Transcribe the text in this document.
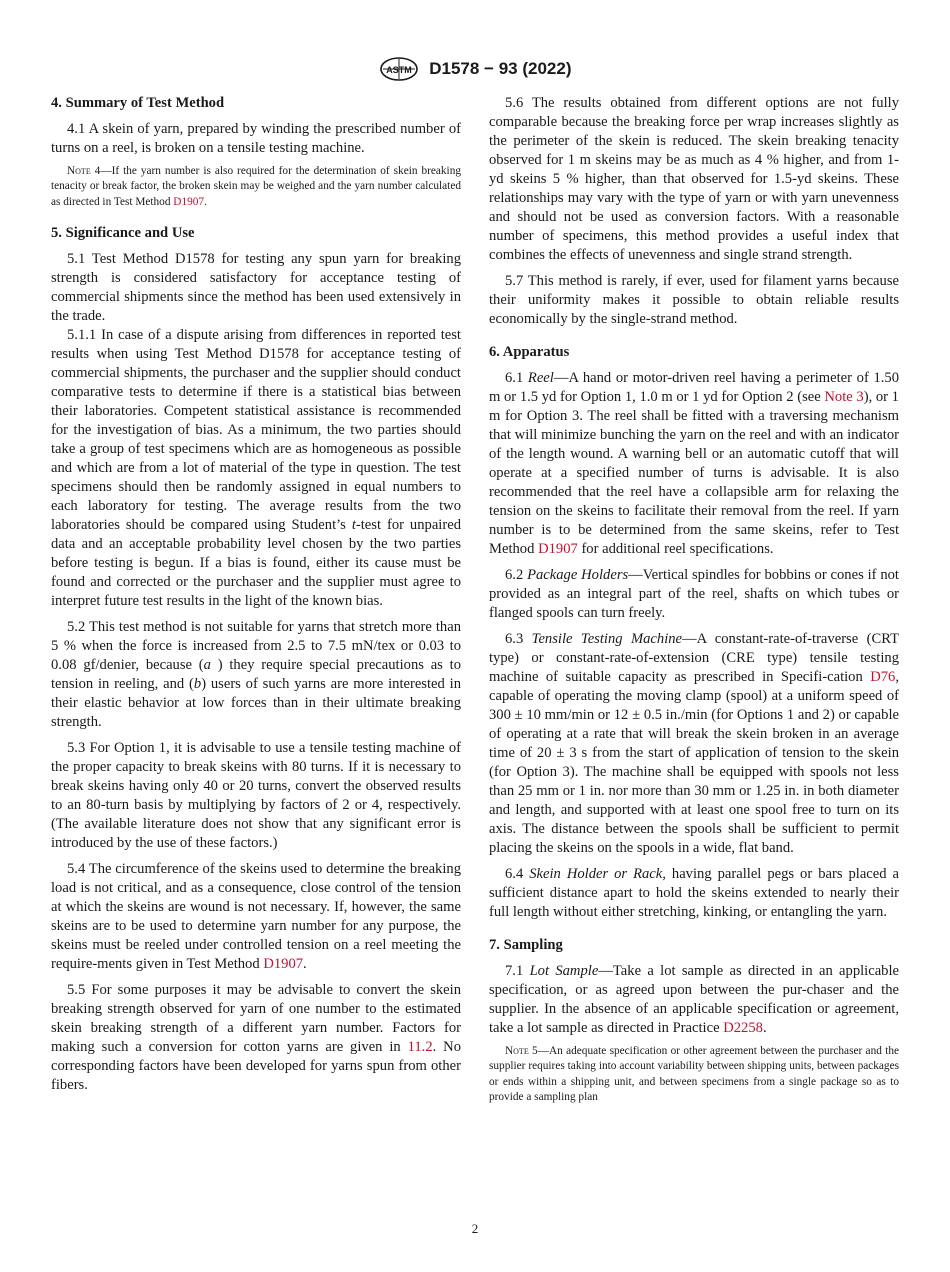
ASTM D1578 − 93 (2022)
4. Summary of Test Method

4.1 A skein of yarn, prepared by winding the prescribed number of turns on a reel, is broken on a tensile testing machine.

Note 4—If the yarn number is also required for the determination of skein breaking tenacity or break factor, the broken skein may be weighed and the yarn number calculated as directed in Test Method D1907.
5. Significance and Use

5.1 Test Method D1578 for testing any spun yarn for breaking strength is considered satisfactory for acceptance testing of commercial shipments since the method has been used extensively in the trade.

5.1.1 In case of a dispute arising from differences in reported test results when using Test Method D1578 for acceptance testing of commercial shipments, the purchaser and the supplier should conduct comparative tests to determine if there is a statistical bias between their laboratories. Competent statistical assistance is recommended for the investigation of bias. As a minimum, the two parties should take a group of test specimens which are as homogeneous as possible and which are from a lot of material of the type in question. The test specimens should then be randomly assigned in equal numbers to each laboratory for testing. The average results from the two laboratories should be compared using Student’s t-test for unpaired data and an acceptable probability level chosen by the two parties before testing is begun. If a bias is found, either its cause must be found and corrected or the purchaser and the supplier must agree to interpret future test results in the light of the known bias.

5.2 This test method is not suitable for yarns that stretch more than 5 % when the force is increased from 2.5 to 7.5 mN/tex or 0.03 to 0.08 gf/denier, because (a ) they require special precautions as to tension in reeling, and (b) users of such yarns are more interested in their elastic behavior at low forces than in their ultimate breaking strength.

5.3 For Option 1, it is advisable to use a tensile testing machine of the proper capacity to break skeins with 80 turns. If it is necessary to break skeins having only 40 or 20 turns, convert the observed results to an 80-turn basis by multiplying by factors of 2 or 4, respectively. (The available literature does not show that any significant error is introduced by the use of these factors.)

5.4 The circumference of the skeins used to determine the breaking load is not critical, and as a consequence, close control of the tension at which the skeins are wound is not necessary. If, however, the same skeins are to be used to determine yarn number for any purpose, the skeins must be reeled under controlled tension on a reel meeting the require-ments given in Test Method D1907.

5.5 For some purposes it may be advisable to convert the skein breaking strength observed for yarn of one number to the estimated skein breaking strength of a different yarn number. Factors for making such a conversion for cotton yarns are given in 11.2. No corresponding factors have been developed for yarns spun from other fibers.

5.6 The results obtained from different options are not fully comparable because the breaking force per wrap increases slightly as the perimeter of the skein is reduced. The skein breaking tenacity observed for 1 m skeins may be as much as 4 % higher, and from 1-yd skeins 5 % higher, than that observed for 1.5-yd skeins. These relationships may vary with the type of yarn or with yarn unevenness and should not be used as conversion factors. With a reasonable number of specimens, this method provides a useful index that combines the effects of unevenness and single strand strength.

5.7 This method is rarely, if ever, used for filament yarns because their uniformity makes it possible to obtain reliable results economically by the single-strand method.

6. Apparatus

6.1 Reel—A hand or motor-driven reel having a perimeter of 1.50 m or 1.5 yd for Option 1, 1.0 m or 1 yd for Option 2 (see Note 3), or 1 m for Option 3. The reel shall be fitted with a traversing mechanism that will minimize bunching the yarn on the reel and with an indicator of the length wound. A warning bell or an automatic cutoff that will operate at a specified number of turns is advisable. It is also recommended that the reel have a collapsible arm for relaxing the tension on the skeins to facilitate their removal from the reel. If yarn number is to be determined from the same skeins, refer to Test Method D1907 for additional reel specifications.

6.2 Package Holders—Vertical spindles for bobbins or cones if not provided as an integral part of the reel, shafts on which tubes or flanged spools can turn freely.

6.3 Tensile Testing Machine—A constant-rate-of-traverse (CRT type) or constant-rate-of-extension (CRE type) tensile testing machine of suitable capacity as prescribed in Specifi-cation D76, capable of operating the moving clamp (spool) at a uniform speed of 300 ± 10 mm/min or 12 ± 0.5 in./min (for Options 1 and 2) or capable of operating at a rate that will break the skein broken in an average time of 20 ± 3 s from the start of application of tension to the skein (for Option 3). The machine shall be equipped with spools not less than 25 mm or 1 in. nor more than 30 mm or 1.25 in. in both diameter and length, and supported with at least one spool free to turn on its axis. The distance between the spools shall be sufficient to permit placing the skeins on the spools in a wide, flat band.

6.4 Skein Holder or Rack, having parallel pegs or bars placed a sufficient distance apart to hold the skeins extended to nearly their full length without either stretching, kinking, or entangling the yarn.

7. Sampling

7.1 Lot Sample—Take a lot sample as directed in an applicable specification, or as agreed upon between the pur-chaser and the supplier. In the absence of an applicable specification or agreement, take a lot sample as directed in Practice D2258.

Note 5—An adequate specification or other agreement between the purchaser and the supplier requires taking into account variability between shipping units, between packages or ends within a shipping unit, and between specimens from a single package so as to provide a sampling plan
2
